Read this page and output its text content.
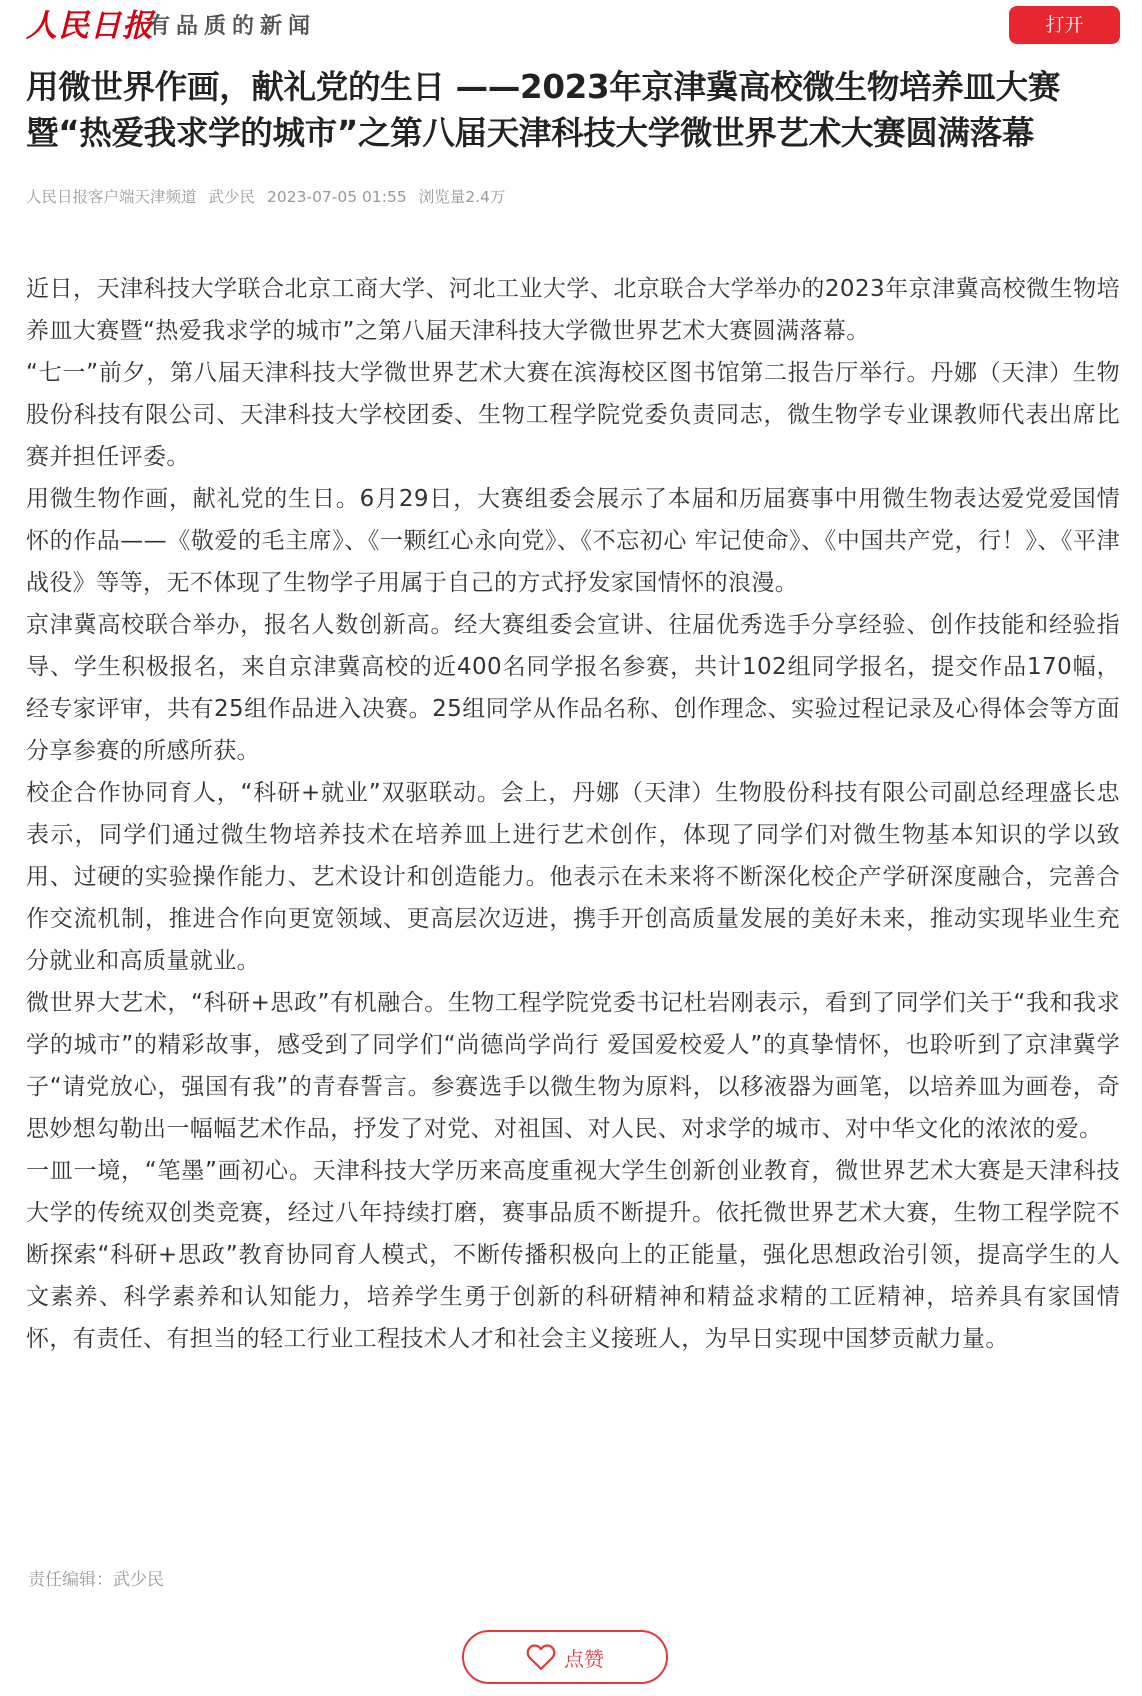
人民日报
有品质的新闻	打开
用微世界作画，献礼党的生日 ——2023年京津冀高校微生物培养皿大赛暨“热爱我求学的城市”之第八届天津科技大学微世界艺术大赛圆满落幕
人民日报客户端天津频道 武少民 2023-07-05 01:55 浏览量2.4万

近日，天津科技大学联合北京工商大学、河北工业大学、北京联合大学举办的2023年京津冀高校微生物培养皿大赛暨“热爱我求学的城市”之第八届天津科技大学微世界艺术大赛圆满落幕。

“七一”前夕，第八届天津科技大学微世界艺术大赛在滨海校区图书馆第二报告厅举行。丹娜（天津）生物股份科技有限公司、天津科技大学校团委、生物工程学院党委负责同志，微生物学专业课教师代表出席比赛并担任评委。

用微生物作画，献礼党的生日。6月29日，大赛组委会展示了本届和历届赛事中用微生物表达爱党爱国情怀的作品——《敬爱的毛主席》、《一颗红心永向党》、《不忘初心 牢记使命》、《中国共产党，行！》、《平津战役》等等，无不体现了生物学子用属于自己的方式抒发家国情怀的浪漫。

京津冀高校联合举办，报名人数创新高。经大赛组委会宣讲、往届优秀选手分享经验、创作技能和经验指导、学生积极报名，来自京津冀高校的近400名同学报名参赛，共计102组同学报名，提交作品170幅，经专家评审，共有25组作品进入决赛。25组同学从作品名称、创作理念、实验过程记录及心得体会等方面分享参赛的所感所获。

校企合作协同育人，“科研+就业”双驱联动。会上，丹娜（天津）生物股份科技有限公司副总经理盛长忠表示，同学们通过微生物培养技术在培养皿上进行艺术创作，体现了同学们对微生物基本知识的学以致用、过硬的实验操作能力、艺术设计和创造能力。他表示在未来将不断深化校企产学研深度融合，完善合作交流机制，推进合作向更宽领域、更高层次迈进，携手开创高质量发展的美好未来，推动实现毕业生充分就业和高质量就业。

微世界大艺术，“科研+思政”有机融合。生物工程学院党委书记杜岩刚表示，看到了同学们关于“我和我求学的城市”的精彩故事，感受到了同学们“尚德尚学尚行 爱国爱校爱人”的真挚情怀，也聆听到了京津冀学子“请党放心，强国有我”的青春誓言。参赛选手以微生物为原料，以移液器为画笔，以培养皿为画卷，奇思妙想勾勒出一幅幅艺术作品，抒发了对党、对祖国、对人民、对求学的城市、对中华文化的浓浓的爱。

一皿一境，“笔墨”画初心。天津科技大学历来高度重视大学生创新创业教育，微世界艺术大赛是天津科技大学的传统双创类竞赛，经过八年持续打磨，赛事品质不断提升。依托微世界艺术大赛，生物工程学院不断探索“科研+思政”教育协同育人模式，不断传播积极向上的正能量，强化思想政治引领，提高学生的人文素养、科学素养和认知能力，培养学生勇于创新的科研精神和精益求精的工匠精神，培养具有家国情怀，有责任、有担当的轻工行业工程技术人才和社会主义接班人，为早日实现中国梦贡献力量。

责任编辑：武少民
点赞
